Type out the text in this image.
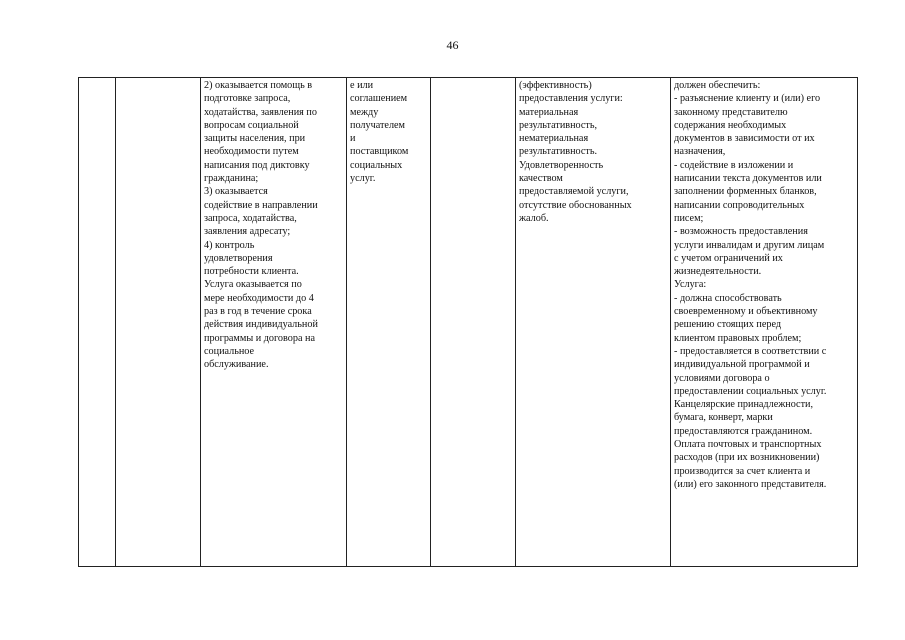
46
		2) оказывается помощь в
подготовке запроса,
ходатайства, заявления по
вопросам социальной
защиты населения, при
необходимости путем
написания под диктовку
гражданина;
3) оказывается
содействие в направлении
запроса, ходатайства,
заявления адресату;
4) контроль
удовлетворения
потребности клиента.
Услуга оказывается по
мере необходимости до 4
раз в год в течение срока
действия индивидуальной
программы и договора на
социальное
обслуживание.	е или
соглашением
между
получателем
и
поставщиком
социальных
услуг.		(эффективность)
предоставления услуги:
материальная
результативность,
нематериальная
результативность.
Удовлетворенность
качеством
предоставляемой услуги,
отсутствие обоснованных
жалоб.	должен обеспечить:
- разъяснение клиенту и (или) его
законному представителю
содержания необходимых
документов в зависимости от их
назначения,
- содействие в изложении и
написании текста документов или
заполнении форменных бланков,
написании сопроводительных
писем;
- возможность предоставления
услуги инвалидам и другим лицам
с учетом ограничений их
жизнедеятельности.
Услуга:
- должна способствовать
своевременному и объективному
решению стоящих перед
клиентом правовых проблем;
- предоставляется в соответствии с
индивидуальной программой и
условиями договора о
предоставлении социальных услуг.
Канцелярские принадлежности,
бумага, конверт, марки
предоставляются гражданином.
Оплата почтовых и транспортных
расходов (при их возникновении)
производится за счет клиента и
(или) его законного представителя.
